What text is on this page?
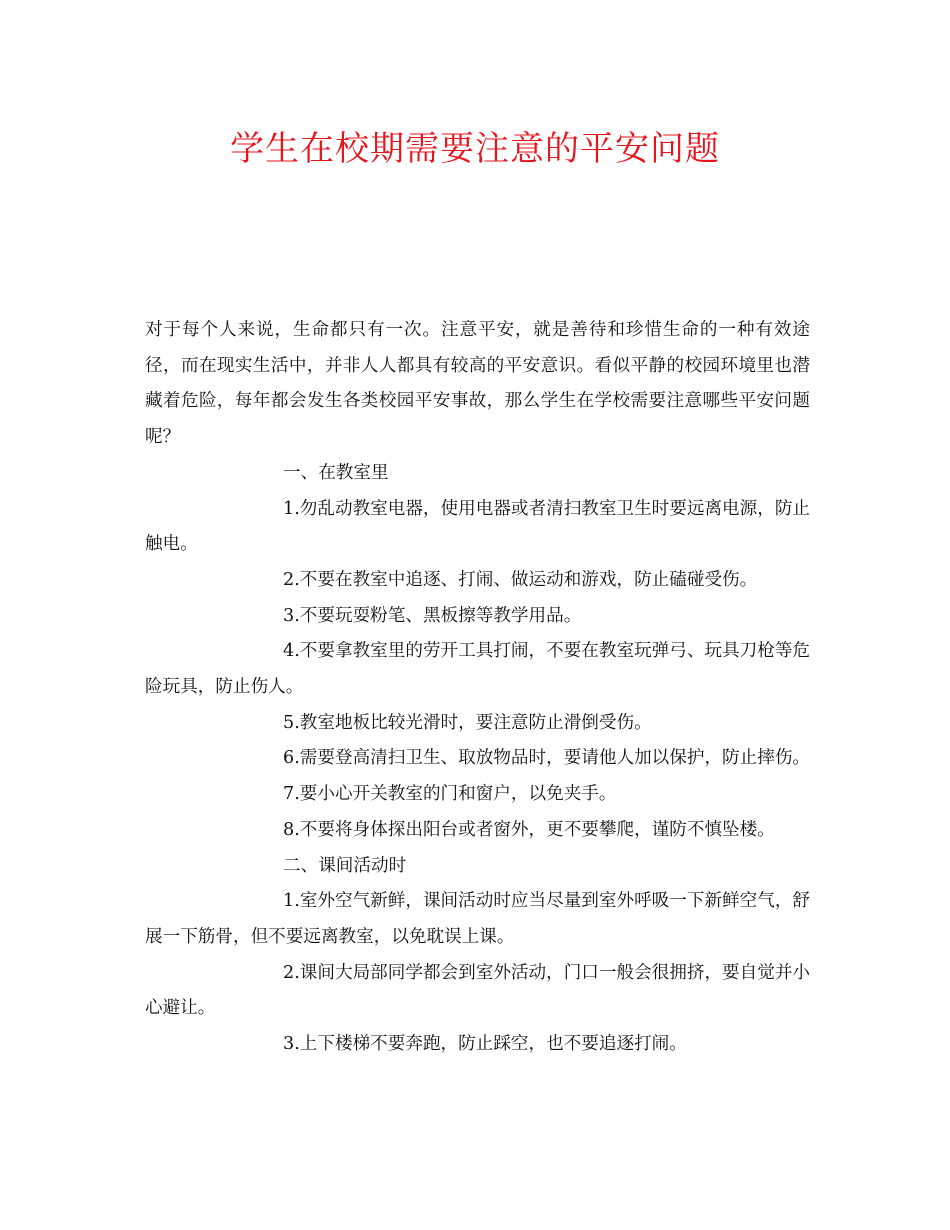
学生在校期需要注意的平安问题

对于每个人来说，生命都只有一次。注意平安，就是善待和珍惜生命的一种有效途径，而在现实生活中，并非人人都具有较高的平安意识。看似平静的校园环境里也潜藏着危险，每年都会发生各类校园平安事故，那么学生在学校需要注意哪些平安问题呢？

一、在教室里

1.勿乱动教室电器，使用电器或者清扫教室卫生时要远离电源，防止触电。

2.不要在教室中追逐、打闹、做运动和游戏，防止磕碰受伤。

3.不要玩耍粉笔、黑板擦等教学用品。

4.不要拿教室里的劳开工具打闹，不要在教室玩弹弓、玩具刀枪等危险玩具，防止伤人。

5.教室地板比较光滑时，要注意防止滑倒受伤。

6.需要登高清扫卫生、取放物品时，要请他人加以保护，防止摔伤。

7.要小心开关教室的门和窗户，以免夹手。

8.不要将身体探出阳台或者窗外，更不要攀爬，谨防不慎坠楼。

二、课间活动时

1.室外空气新鲜，课间活动时应当尽量到室外呼吸一下新鲜空气，舒展一下筋骨，但不要远离教室，以免耽误上课。

2.课间大局部同学都会到室外活动，门口一般会很拥挤，要自觉并小心避让。

3.上下楼梯不要奔跑，防止踩空，也不要追逐打闹。
